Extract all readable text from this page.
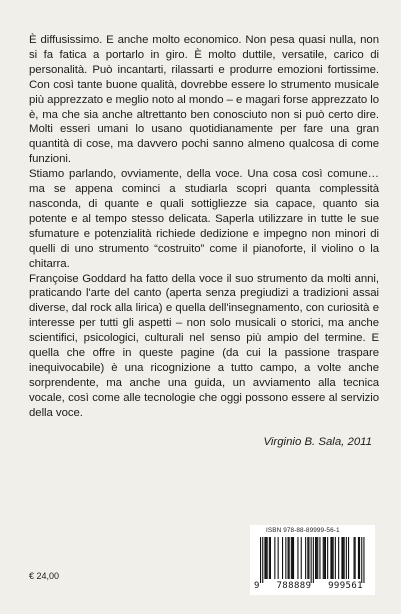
È diffusissimo. E anche molto economico. Non pesa quasi nulla, non si fa fatica a portarlo in giro. È molto duttile, versatile, carico di personalità. Può incantarti, rilassarti e produrre emozioni fortissime. Con così tante buone qualità, dovrebbe essere lo strumento musicale più apprezzato e meglio noto al mondo – e magari forse apprezzato lo è, ma che sia anche altrettanto ben conosciuto non si può certo dire. Molti esseri umani lo usano quotidianamente per fare una gran quantità di cose, ma davvero pochi sanno almeno qualcosa di come funzioni.

Stiamo parlando, ovviamente, della voce. Una cosa così comune… ma se appena cominci a studiarla scopri quanta complessità nasconda, di quante e quali sottigliezze sia capace, quanto sia potente e al tempo stesso delicata. Saperla utilizzare in tutte le sue sfumature e potenzialità richiede dedizione e impegno non minori di quelli di uno strumento “costruito” come il pianoforte, il violino o la chitarra.

Françoise Goddard ha fatto della voce il suo strumento da molti anni, praticando l'arte del canto (aperta senza pregiudizi a tradizioni assai diverse, dal rock alla lirica) e quella dell'insegnamento, con curiosità e interesse per tutti gli aspetti – non solo musicali o storici, ma anche scientifici, psicologici, culturali nel senso più ampio del termine. E quella che offre in queste pagine (da cui la passione traspare inequivocabile) è una ricognizione a tutto campo, a volte anche sorprendente, ma anche una guida, un avviamento alla tecnica vocale, così come alle tecnologie che oggi possono essere al servizio della voce.

Virginio B. Sala, 2011
€ 24,00
ISBN 978-88-89999-56-1
9 788889 999561
